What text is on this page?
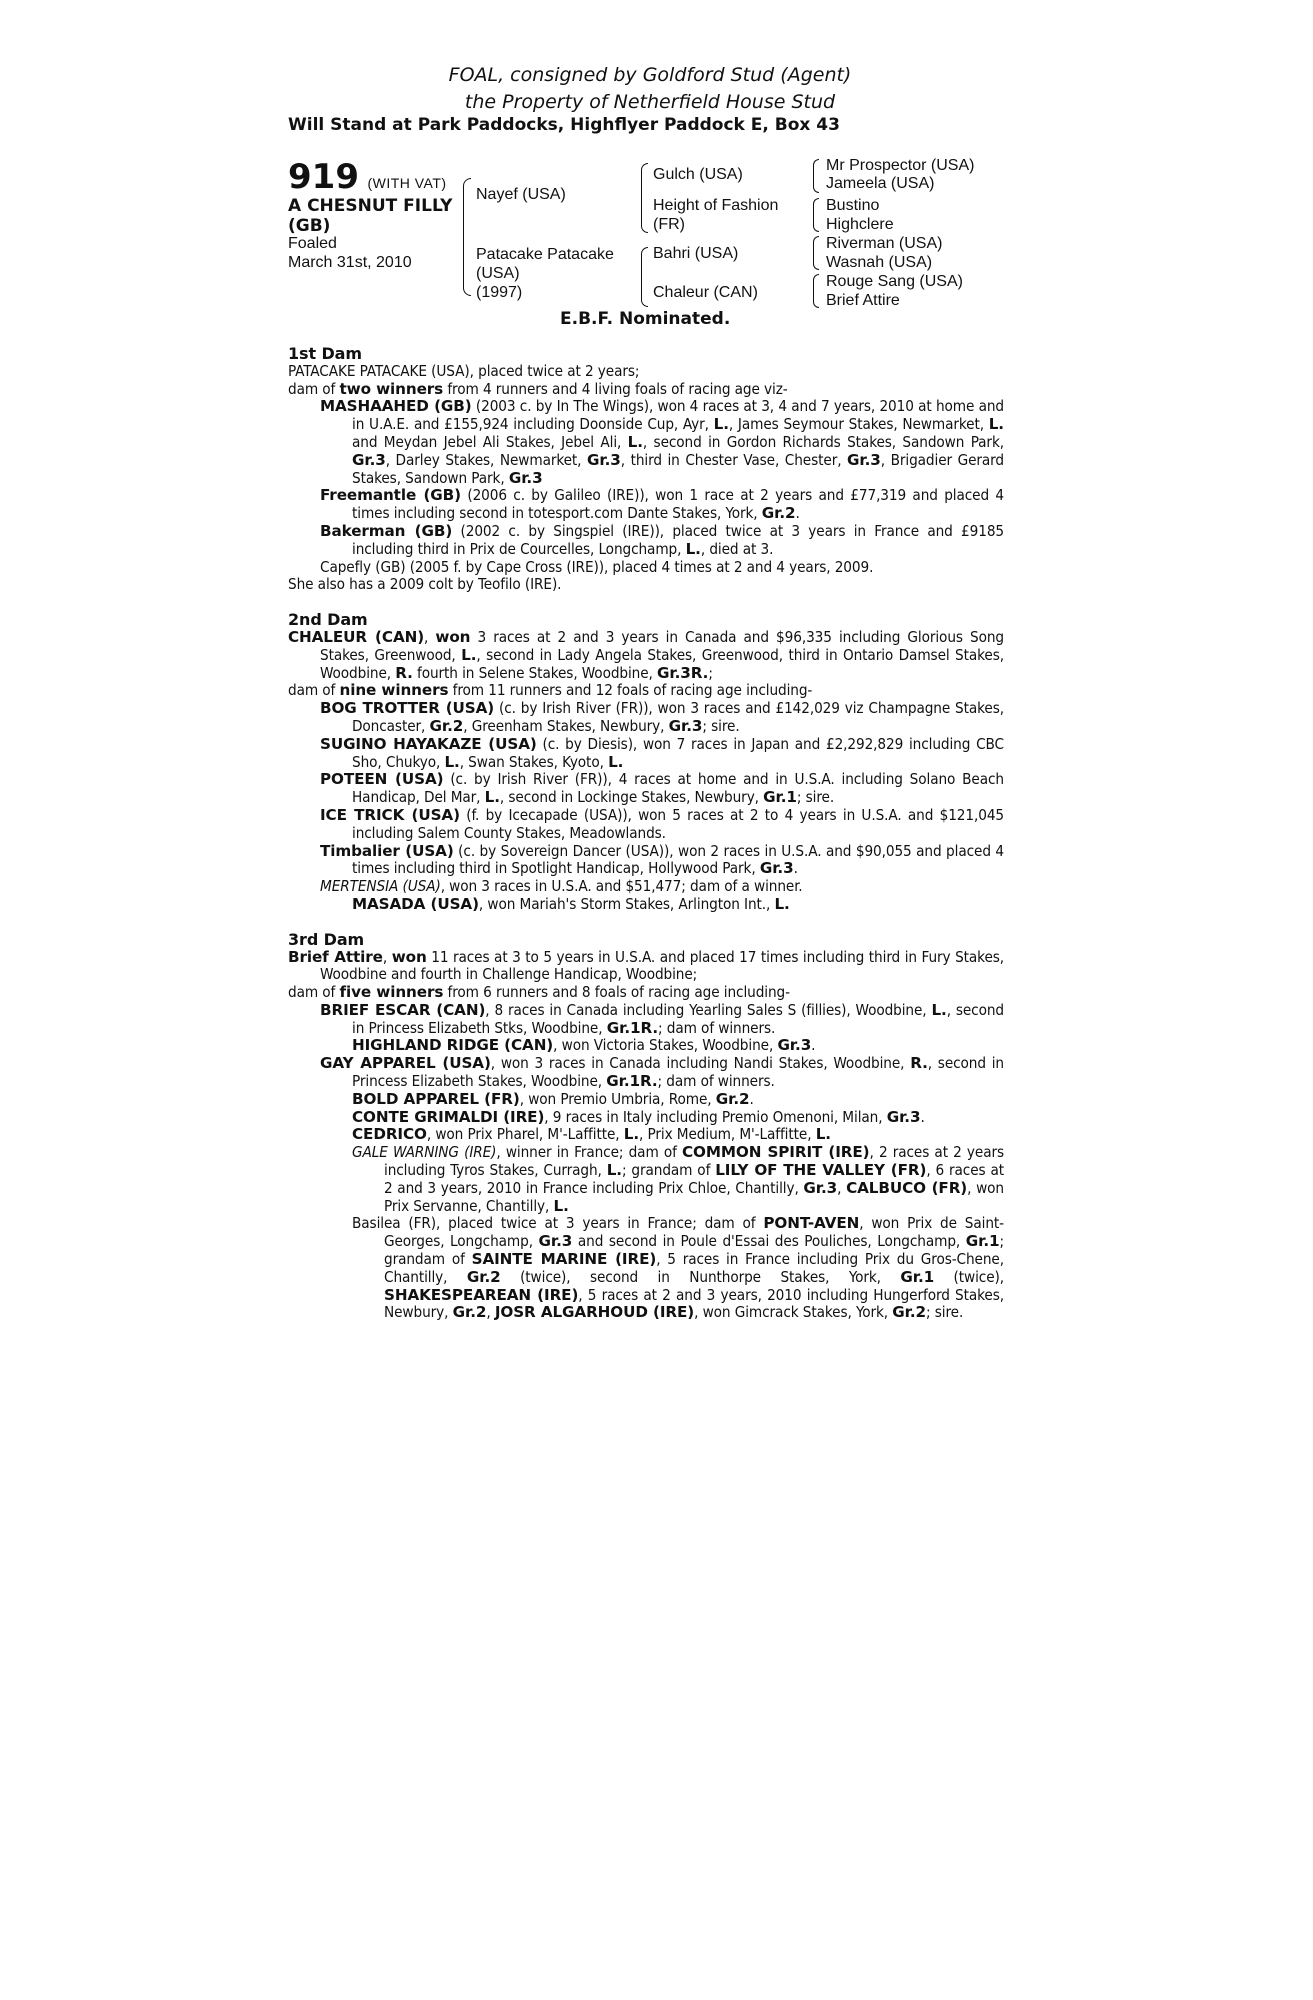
FOAL, consigned by Goldford Stud (Agent)
the Property of Netherfield House Stud
Will Stand at Park Paddocks, Highflyer Paddock E, Box 43
919 (WITH VAT)
A CHESNUT FILLY
(GB)
Foaled
March 31st, 2010
Nayef (USA)
Patacake Patacake
(USA)
(1997)
Gulch (USA)
Height of Fashion
(FR)
Bahri (USA)
Chaleur (CAN)
Mr Prospector (USA)
Jameela (USA)
Bustino
Highclere
Riverman (USA)
Wasnah (USA)
Rouge Sang (USA)
Brief Attire
E.B.F. Nominated.
1st Dam
PATACAKE PATACAKE (USA), placed twice at 2 years;
dam of two winners from 4 runners and 4 living foals of racing age viz-
MASHAAHED (GB) (2003 c. by In The Wings), won 4 races at 3, 4 and 7 years, 2010 at home and in U.A.E. and £155,924 including Doonside Cup, Ayr, L., James Seymour Stakes, Newmarket, L. and Meydan Jebel Ali Stakes, Jebel Ali, L., second in Gordon Richards Stakes, Sandown Park, Gr.3, Darley Stakes, Newmarket, Gr.3, third in Chester Vase, Chester, Gr.3, Brigadier Gerard Stakes, Sandown Park, Gr.3
Freemantle (GB) (2006 c. by Galileo (IRE)), won 1 race at 2 years and £77,319 and placed 4 times including second in totesport.com Dante Stakes, York, Gr.2.
Bakerman (GB) (2002 c. by Singspiel (IRE)), placed twice at 3 years in France and £9185 including third in Prix de Courcelles, Longchamp, L., died at 3.
Capefly (GB) (2005 f. by Cape Cross (IRE)), placed 4 times at 2 and 4 years, 2009.
She also has a 2009 colt by Teofilo (IRE).
2nd Dam
CHALEUR (CAN), won 3 races at 2 and 3 years in Canada and $96,335 including Glorious Song Stakes, Greenwood, L., second in Lady Angela Stakes, Greenwood, third in Ontario Damsel Stakes, Woodbine, R. fourth in Selene Stakes, Woodbine, Gr.3R.;
dam of nine winners from 11 runners and 12 foals of racing age including-
BOG TROTTER (USA) (c. by Irish River (FR)), won 3 races and £142,029 viz Champagne Stakes, Doncaster, Gr.2, Greenham Stakes, Newbury, Gr.3; sire.
SUGINO HAYAKAZE (USA) (c. by Diesis), won 7 races in Japan and £2,292,829 including CBC Sho, Chukyo, L., Swan Stakes, Kyoto, L.
POTEEN (USA) (c. by Irish River (FR)), 4 races at home and in U.S.A. including Solano Beach Handicap, Del Mar, L., second in Lockinge Stakes, Newbury, Gr.1; sire.
ICE TRICK (USA) (f. by Icecapade (USA)), won 5 races at 2 to 4 years in U.S.A. and $121,045 including Salem County Stakes, Meadowlands.
Timbalier (USA) (c. by Sovereign Dancer (USA)), won 2 races in U.S.A. and $90,055 and placed 4 times including third in Spotlight Handicap, Hollywood Park, Gr.3.
MERTENSIA (USA), won 3 races in U.S.A. and $51,477; dam of a winner.
MASADA (USA), won Mariah's Storm Stakes, Arlington Int., L.
3rd Dam
Brief Attire, won 11 races at 3 to 5 years in U.S.A. and placed 17 times including third in Fury Stakes, Woodbine and fourth in Challenge Handicap, Woodbine;
dam of five winners from 6 runners and 8 foals of racing age including-
BRIEF ESCAR (CAN), 8 races in Canada including Yearling Sales S (fillies), Woodbine, L., second in Princess Elizabeth Stks, Woodbine, Gr.1R.; dam of winners.
HIGHLAND RIDGE (CAN), won Victoria Stakes, Woodbine, Gr.3.
GAY APPAREL (USA), won 3 races in Canada including Nandi Stakes, Woodbine, R., second in Princess Elizabeth Stakes, Woodbine, Gr.1R.; dam of winners.
BOLD APPAREL (FR), won Premio Umbria, Rome, Gr.2.
CONTE GRIMALDI (IRE), 9 races in Italy including Premio Omenoni, Milan, Gr.3.
CEDRICO, won Prix Pharel, M'-Laffitte, L., Prix Medium, M'-Laffitte, L.
GALE WARNING (IRE), winner in France; dam of COMMON SPIRIT (IRE), 2 races at 2 years including Tyros Stakes, Curragh, L.; grandam of LILY OF THE VALLEY (FR), 6 races at 2 and 3 years, 2010 in France including Prix Chloe, Chantilly, Gr.3, CALBUCO (FR), won Prix Servanne, Chantilly, L.
Basilea (FR), placed twice at 3 years in France; dam of PONT-AVEN, won Prix de Saint-Georges, Longchamp, Gr.3 and second in Poule d'Essai des Pouliches, Longchamp, Gr.1; grandam of SAINTE MARINE (IRE), 5 races in France including Prix du Gros-Chene, Chantilly, Gr.2 (twice), second in Nunthorpe Stakes, York, Gr.1 (twice), SHAKESPEAREAN (IRE), 5 races at 2 and 3 years, 2010 including Hungerford Stakes, Newbury, Gr.2, JOSR ALGARHOUD (IRE), won Gimcrack Stakes, York, Gr.2; sire.
